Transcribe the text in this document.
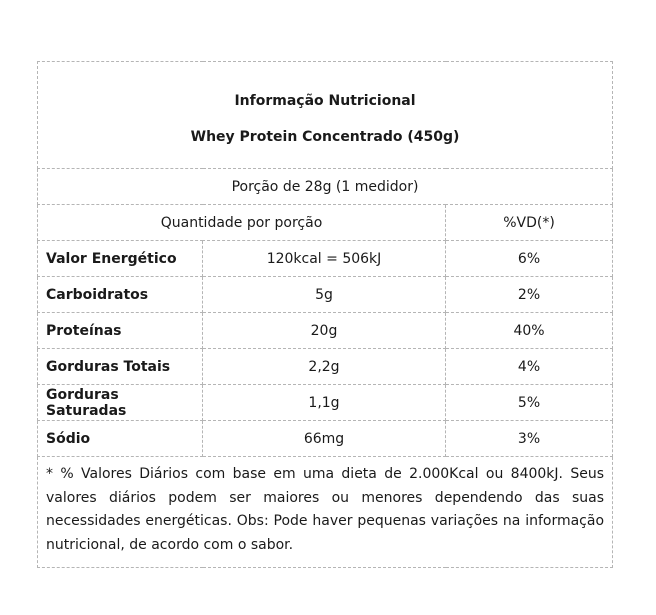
Informação Nutricional
Whey Protein Concentrado (450g)		

Porção de 28g (1 medidor)		
Quantidade por porção		%VD(*)
Valor Energético	120kcal = 506kJ	6%
Carboidratos	5g	2%
Proteínas	20g	40%
Gorduras Totais	2,2g	4%
Gorduras Saturadas	1,1g	5%
Sódio	66mg	3%
* % Valores Diários com base em uma dieta de 2.000Kcal ou 8400kJ. Seus valores diários podem ser maiores ou menores dependendo das suas necessidades energéticas. Obs: Pode haver pequenas variações na informação nutricional, de acordo com o sabor.		
